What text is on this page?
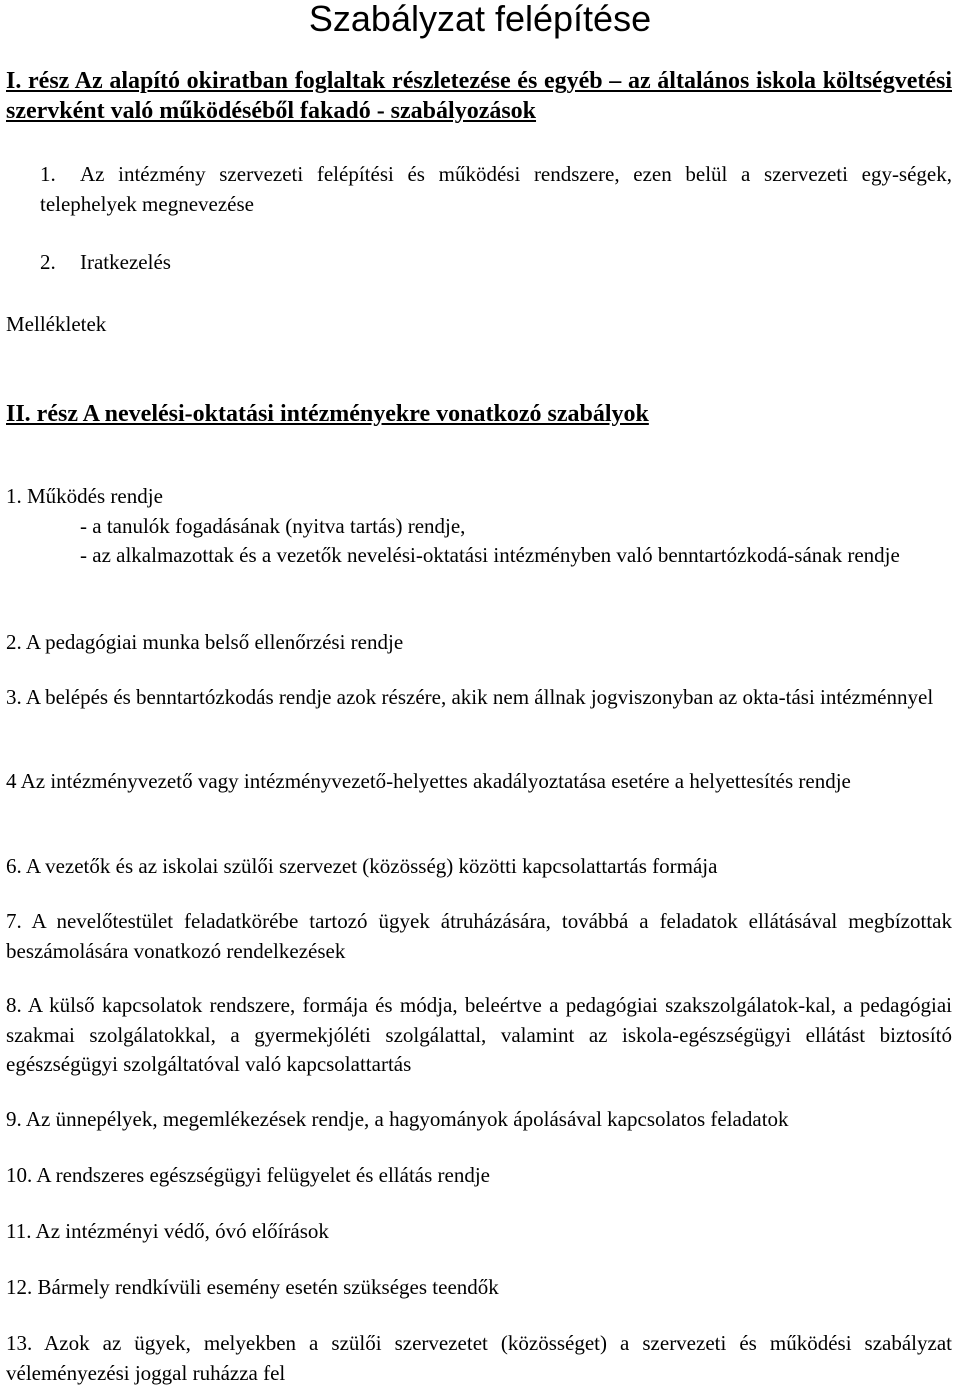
Szabályzat felépítése

I. rész Az alapító okiratban foglaltak részletezése és egyéb – az általános iskola költségvetési szervként való működéséből fakadó - szabályozások

1. Az intézmény szervezeti felépítési és működési rendszere, ezen belül a szervezeti egy-ségek, telephelyek megnevezése

2. Iratkezelés

Mellékletek

II. rész A nevelési-oktatási intézményekre vonatkozó szabályok

1. Működés rendje
- a tanulók fogadásának (nyitva tartás) rendje,
- az alkalmazottak és a vezetők nevelési-oktatási intézményben való benntartózkodá-sának rendje

2. A pedagógiai munka belső ellenőrzési rendje

3. A belépés és benntartózkodás rendje azok részére, akik nem állnak jogviszonyban az okta-tási intézménnyel

4 Az intézményvezető vagy intézményvezető-helyettes akadályoztatása esetére a helyettesítés rendje

6. A vezetők és az iskolai szülői szervezet (közösség) közötti kapcsolattartás formája

7. A nevelőtestület feladatkörébe tartozó ügyek átruházására, továbbá a feladatok ellátásával megbízottak beszámolására vonatkozó rendelkezések

8. A külső kapcsolatok rendszere, formája és módja, beleértve a pedagógiai szakszolgálatok-kal, a pedagógiai szakmai szolgálatokkal, a gyermekjóléti szolgálattal, valamint az iskola-egészségügyi ellátást biztosító egészségügyi szolgáltatóval való kapcsolattartás

9. Az ünnepélyek, megemlékezések rendje, a hagyományok ápolásával kapcsolatos feladatok

10. A rendszeres egészségügyi felügyelet és ellátás rendje

11. Az intézményi védő, óvó előírások

12. Bármely rendkívüli esemény esetén szükséges teendők

13. Azok az ügyek, melyekben a szülői szervezetet (közösséget) a szervezeti és működési szabályzat véleményezési joggal ruházza fel
